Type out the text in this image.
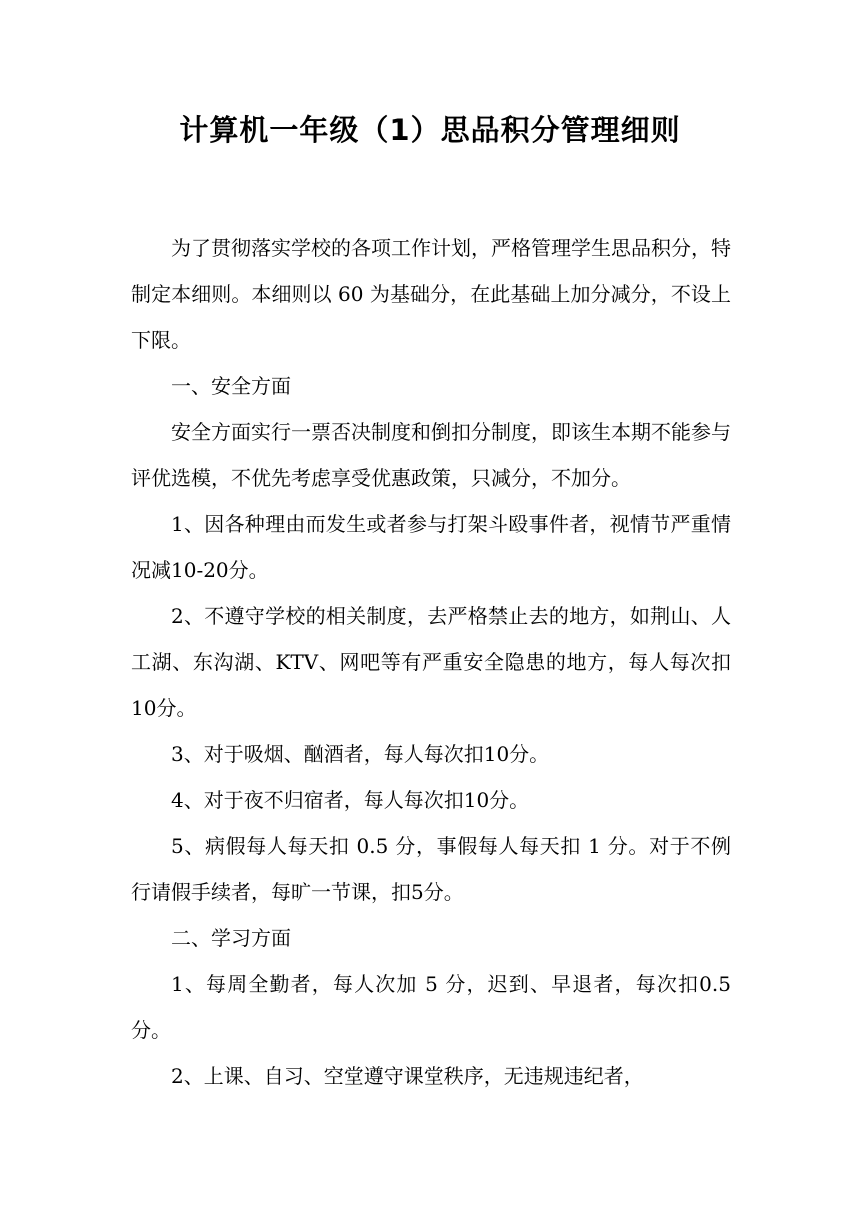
计算机一年级（1）思品积分管理细则

为了贯彻落实学校的各项工作计划，严格管理学生思品积分，特制定本细则。本细则以 60 为基础分，在此基础上加分减分，不设上下限。

一、安全方面

安全方面实行一票否决制度和倒扣分制度，即该生本期不能参与评优选模，不优先考虑享受优惠政策，只减分，不加分。

1、因各种理由而发生或者参与打架斗殴事件者，视情节严重情况减10-20分。

2、不遵守学校的相关制度，去严格禁止去的地方，如荆山、人工湖、东沟湖、KTV、网吧等有严重安全隐患的地方，每人每次扣10分。

3、对于吸烟、酗酒者，每人每次扣10分。

4、对于夜不归宿者，每人每次扣10分。

5、病假每人每天扣 0.5 分，事假每人每天扣 1 分。对于不例行请假手续者，每旷一节课，扣5分。

二、学习方面

1、每周全勤者，每人次加 5 分，迟到、早退者，每次扣0.5分。

2、上课、自习、空堂遵守课堂秩序，无违规违纪者，
